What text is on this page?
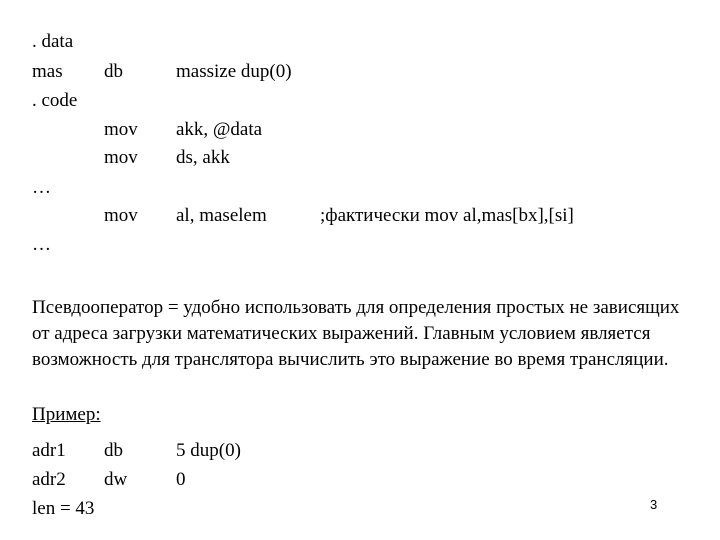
. data
mas db	massize dup(0)
. code
mov akk, @data
mov ds, akk
…
mov al, maselem	;фактически mov al,mas[bx],[si]
…
Псевдооператор = удобно использовать для определения простых не зависящих от адреса загрузки математических выражений. Главным условием является возможность для транслятора вычислить это выражение во время трансляции.
Пример:
adr1 db	5 dup(0)
adr2 dw	0
len = 43	3
